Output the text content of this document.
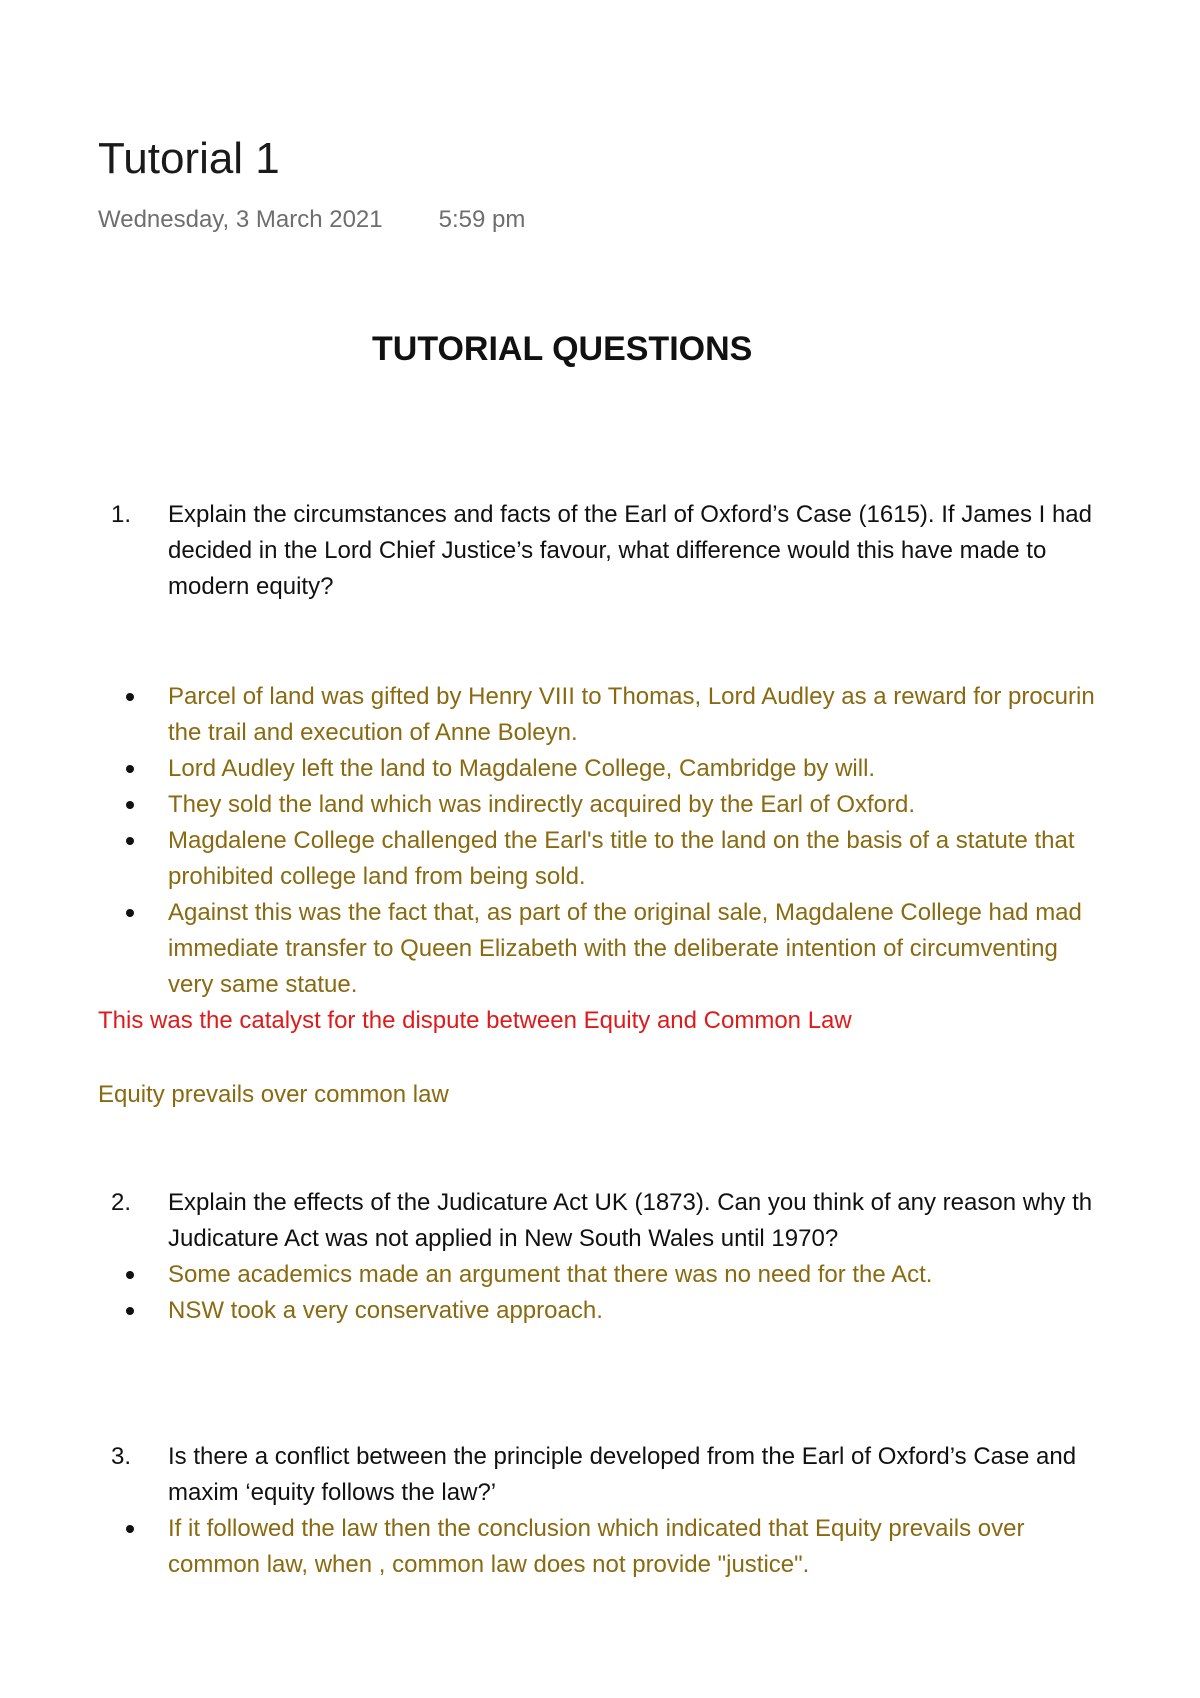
Tutorial 1
Wednesday, 3 March 2021 5:59 pm
TUTORIAL QUESTIONS
1. Explain the circumstances and facts of the Earl of Oxford’s Case (1615). If James I had
decided in the Lord Chief Justice’s favour, what difference would this have made to
modern equity?
Parcel of land was gifted by Henry VIII to Thomas, Lord Audley as a reward for procurin
the trail and execution of Anne Boleyn.
Lord Audley left the land to Magdalene College, Cambridge by will.
They sold the land which was indirectly acquired by the Earl of Oxford.
Magdalene College challenged the Earl's title to the land on the basis of a statute that
prohibited college land from being sold.
Against this was the fact that, as part of the original sale, Magdalene College had mad
immediate transfer to Queen Elizabeth with the deliberate intention of circumventing
very same statue.
This was the catalyst for the dispute between Equity and Common Law
Equity prevails over common law
2. Explain the effects of the Judicature Act UK (1873). Can you think of any reason why th
Judicature Act was not applied in New South Wales until 1970?
Some academics made an argument that there was no need for the Act.
NSW took a very conservative approach.
3. Is there a conflict between the principle developed from the Earl of Oxford’s Case and
maxim ‘equity follows the law?’
If it followed the law then the conclusion which indicated that Equity prevails over
common law, when , common law does not provide "justice".
